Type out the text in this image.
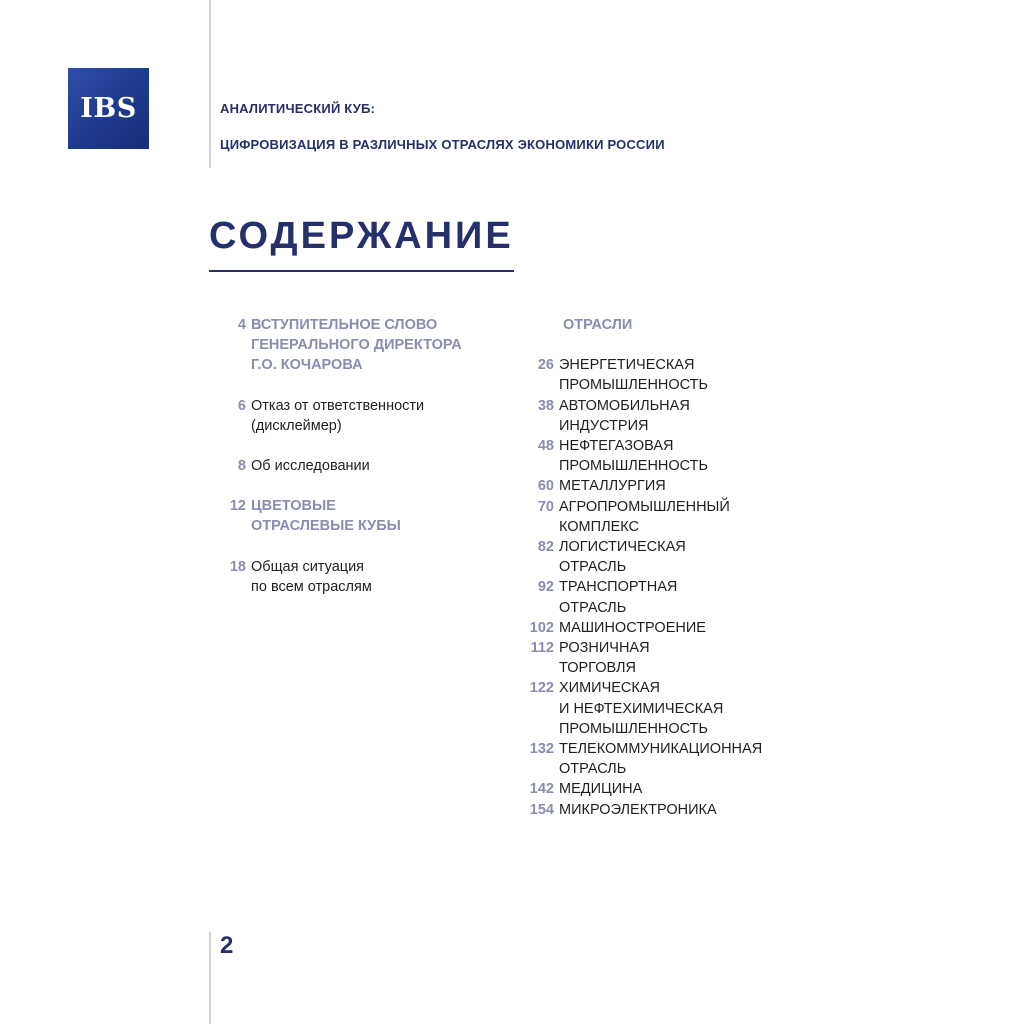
IBS	АНАЛИТИЧЕСКИЙ КУБ:
ЦИФРОВИЗАЦИЯ В РАЗЛИЧНЫХ ОТРАСЛЯХ ЭКОНОМИКИ РОССИИ
СОДЕРЖАНИЕ
4 ВСТУПИТЕЛЬНОЕ СЛОВО
ГЕНЕРАЛЬНОГО ДИРЕКТОРА
Г.О. КОЧАРОВА
6 Отказ от ответственности
(дисклеймер)
8 Об исследовании
12 ЦВЕТОВЫЕ
ОТРАСЛЕВЫЕ КУБЫ
18 Общая ситуация
по всем отраслям
ОТРАСЛИ
26 ЭНЕРГЕТИЧЕСКАЯ
ПРОМЫШЛЕННОСТЬ
38 АВТОМОБИЛЬНАЯ
ИНДУСТРИЯ
48 НЕФТЕГАЗОВАЯ
ПРОМЫШЛЕННОСТЬ
60 МЕТАЛЛУРГИЯ
70 АГРОПРОМЫШЛЕННЫЙ
КОМПЛЕКС
82 ЛОГИСТИЧЕСКАЯ
ОТРАСЛЬ
92 ТРАНСПОРТНАЯ
ОТРАСЛЬ
102 МАШИНОСТРОЕНИЕ
112 РОЗНИЧНАЯ
ТОРГОВЛЯ
122 ХИМИЧЕСКАЯ
И НЕФТЕХИМИЧЕСКАЯ
ПРОМЫШЛЕННОСТЬ
132 ТЕЛЕКОММУНИКАЦИОННАЯ
ОТРАСЛЬ
142 МЕДИЦИНА
154 МИКРОЭЛЕКТРОНИКА
2
